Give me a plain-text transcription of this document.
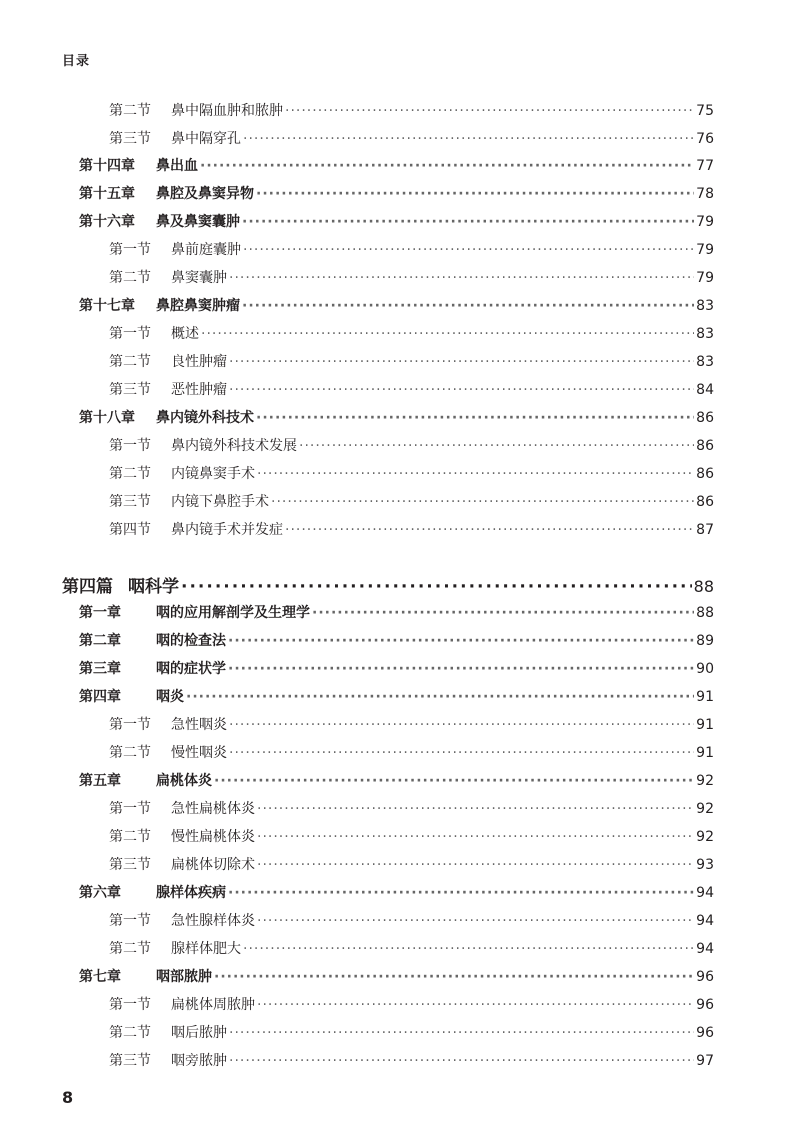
目录
第二节 鼻中隔血肿和脓肿 ·····	75
第三节 鼻中隔穿孔 ·····	76
第十四章 鼻出血 ·····	77
第十五章 鼻腔及鼻窦异物 ·····	78
第十六章 鼻及鼻窦囊肿 ·····	79
第一节 鼻前庭囊肿 ·····	79
第二节 鼻窦囊肿 ·····	79
第十七章 鼻腔鼻窦肿瘤 ·····	83
第一节 概述 ·····	83
第二节 良性肿瘤 ·····	83
第三节 恶性肿瘤 ·····	84
第十八章 鼻内镜外科技术 ·····	86
第一节 鼻内镜外科技术发展 ·····	86
第二节 内镜鼻窦手术 ·····	86
第三节 内镜下鼻腔手术 ·····	86
第四节 鼻内镜手术并发症 ·····	87
第四篇 咽科学 ·····	88
第一章	咽的应用解剖学及生理学 ·····	88
第二章	咽的检查法 ·····	89
第三章	咽的症状学 ·····	90
第四章	咽炎 ·····	91
第一节 急性咽炎 ·····	91
第二节 慢性咽炎 ·····	91
第五章	扁桃体炎 ·····	92
第一节 急性扁桃体炎 ·····	92
第二节 慢性扁桃体炎 ·····	92
第三节 扁桃体切除术 ·····	93
第六章	腺样体疾病 ·····	94
第一节 急性腺样体炎 ·····	94
第二节 腺样体肥大 ·····	94
第七章	咽部脓肿 ·····	96
第一节 扁桃体周脓肿 ·····	96
第二节 咽后脓肿 ·····	96
第三节 咽旁脓肿 ·····	97
8
